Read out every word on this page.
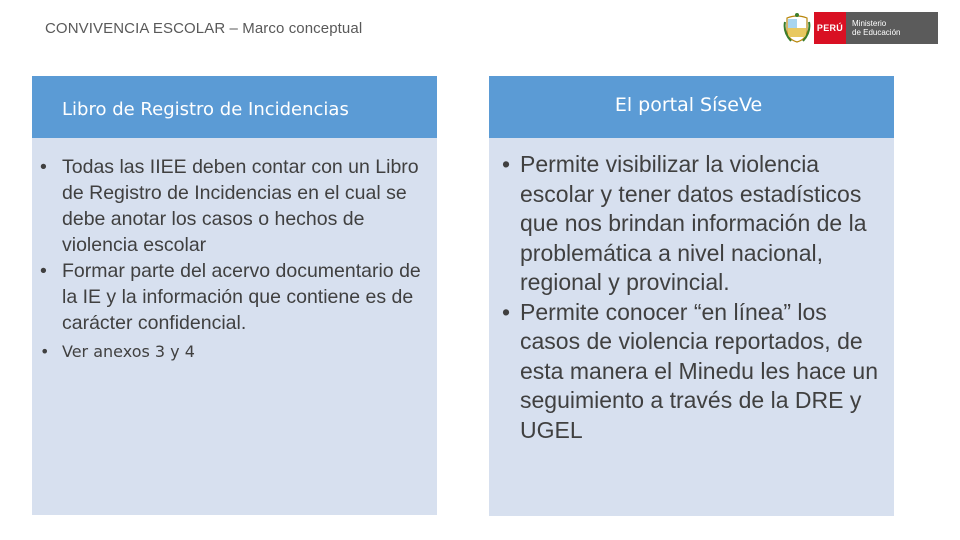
CONVIVENCIA ESCOLAR – Marco conceptual	PERÚ	Ministerio
de Educación
Libro de Registro de Incidencias
• Todas las IIEE deben contar con un Libro de Registro de Incidencias en el cual se debe anotar los casos o hechos de violencia escolar
• Formar parte del acervo documentario de la IE y la información que contiene es de carácter confidencial.
• Ver anexos 3 y 4
El portal SíseVe
• Permite visibilizar la violencia escolar y tener datos estadísticos que nos brindan información de la problemática a nivel nacional, regional y provincial.
• Permite conocer “en línea” los casos de violencia reportados, de esta manera el Minedu les hace un seguimiento a través de la DRE y UGEL
